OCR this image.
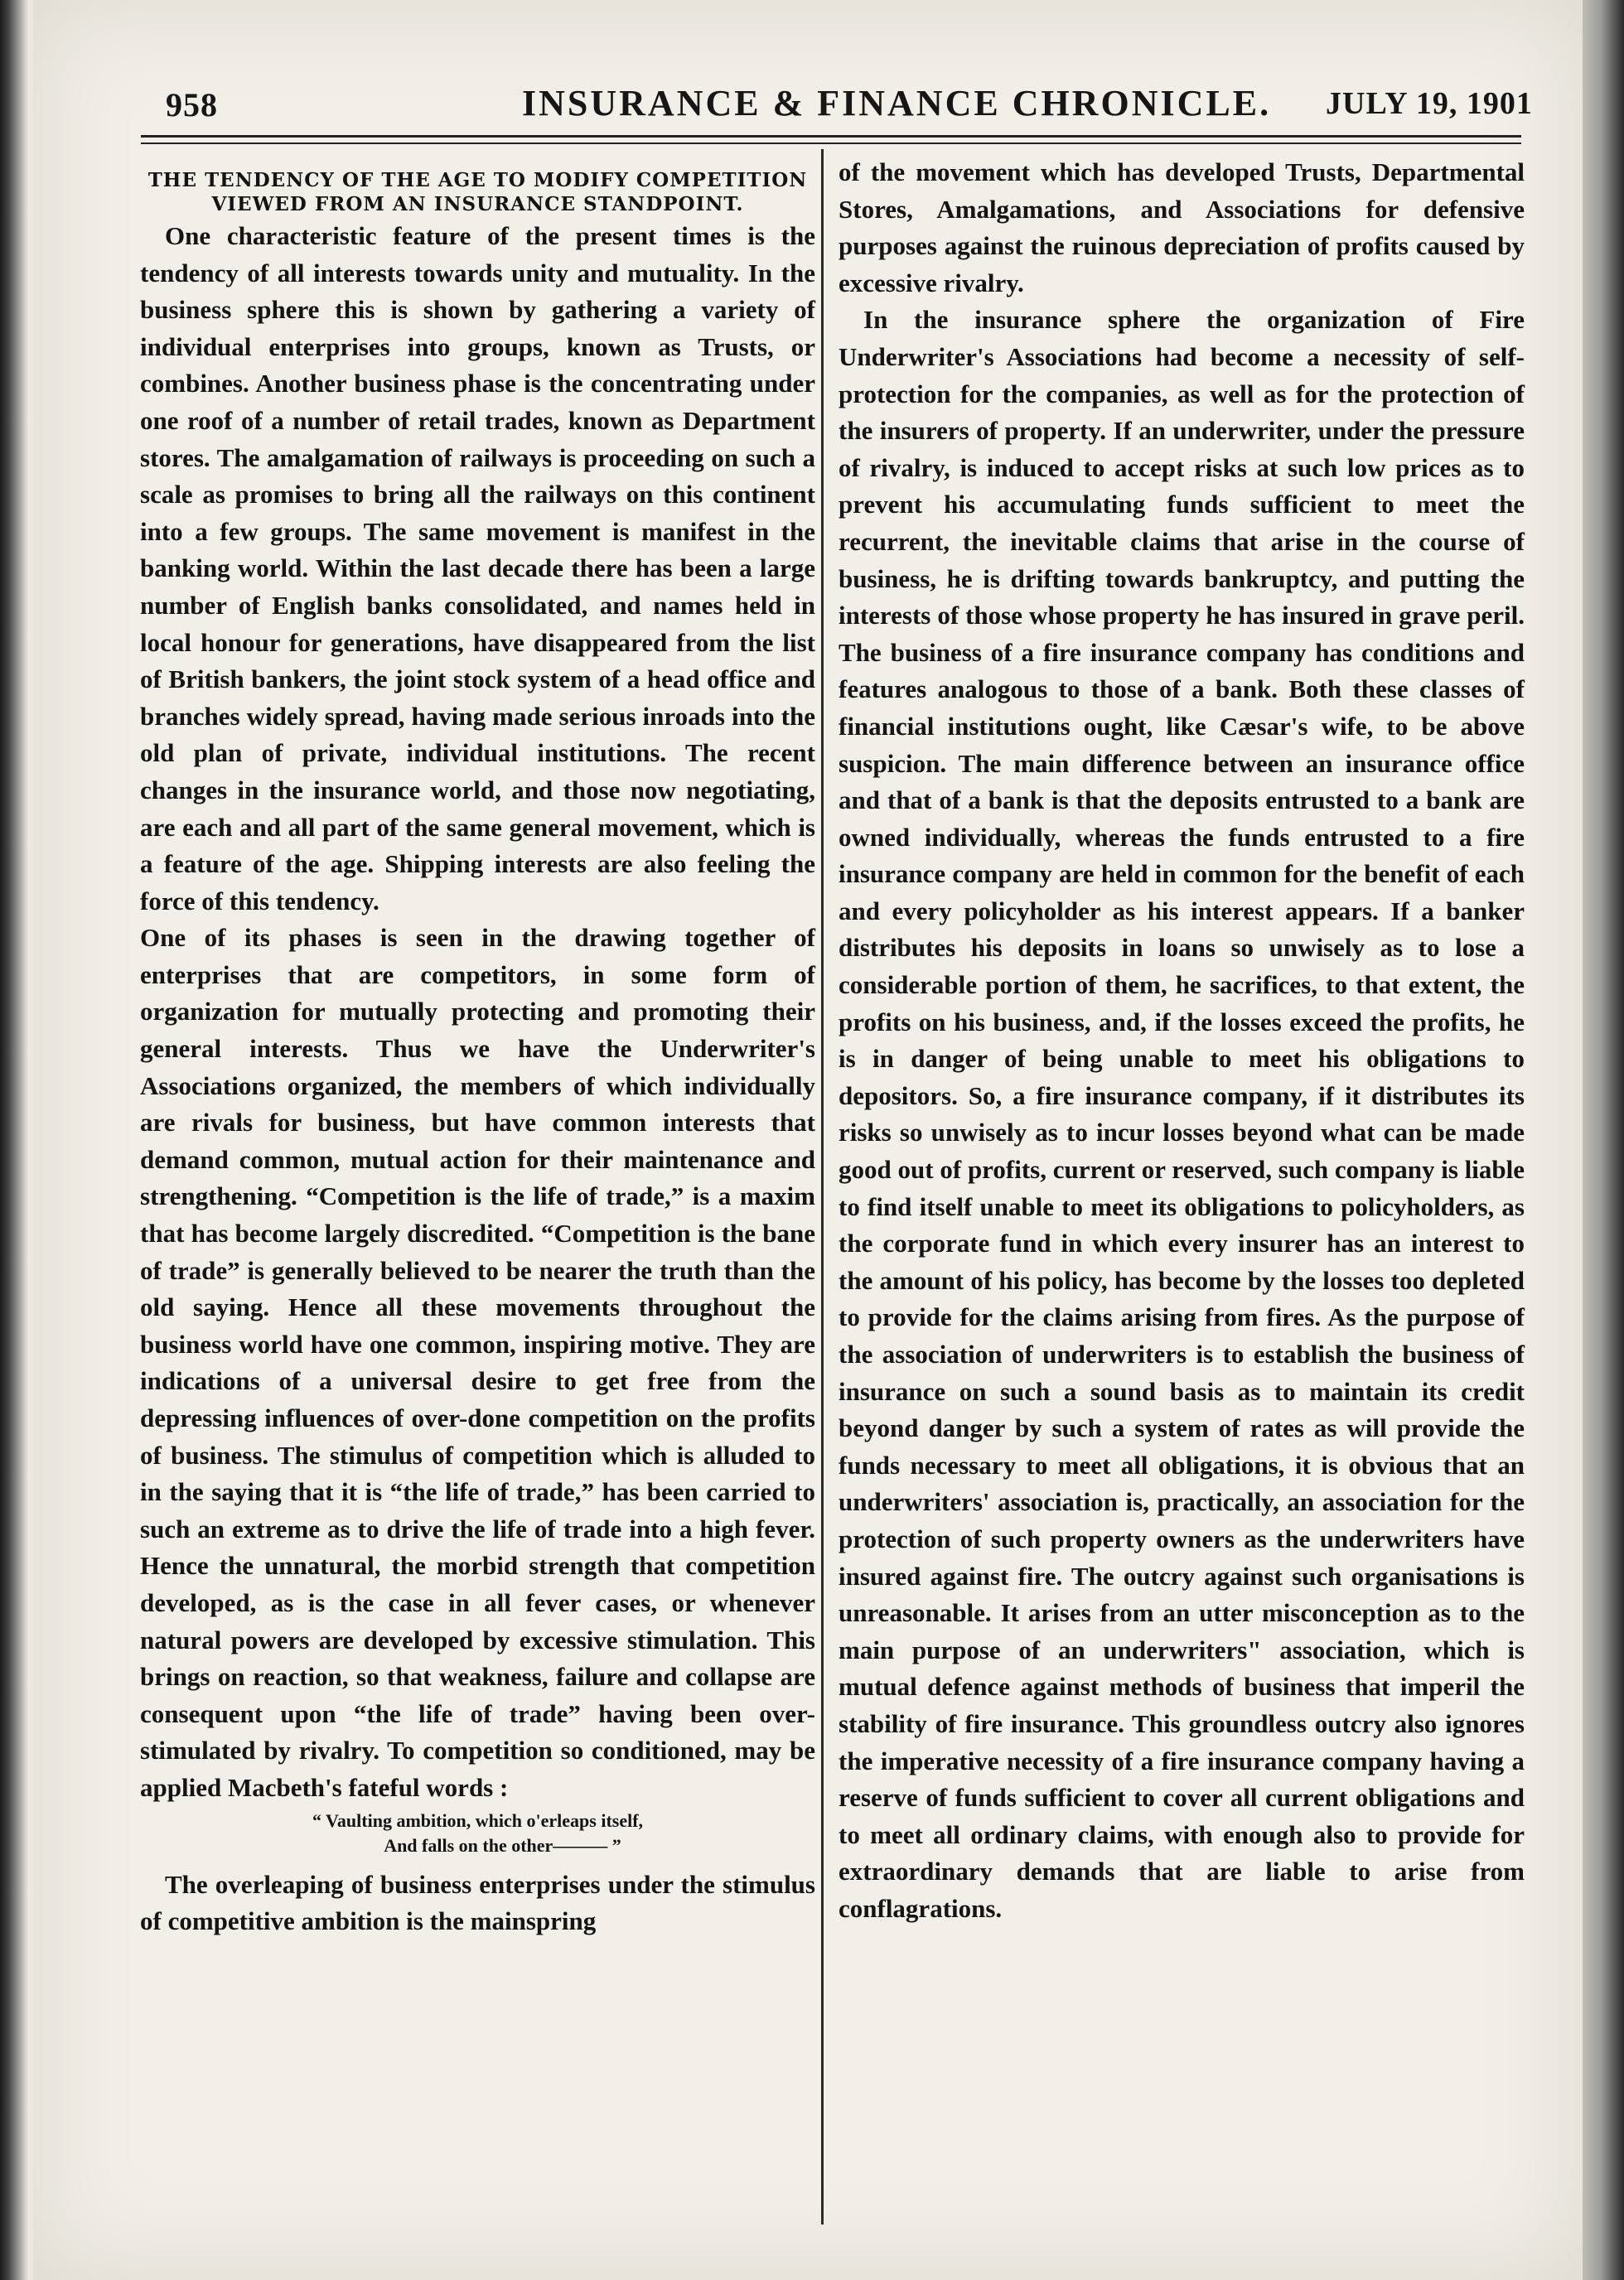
958	INSURANCE & FINANCE CHRONICLE. JULY 19, 1901
THE TENDENCY OF THE AGE TO MODIFY COMPETITION VIEWED FROM AN INSURANCE STANDPOINT.

One characteristic feature of the present times is the tendency of all interests towards unity and mutuality. In the business sphere this is shown by gathering a variety of individual enterprises into groups, known as Trusts, or combines. Another business phase is the concentrating under one roof of a number of retail trades, known as Department stores. The amalgamation of railways is proceeding on such a scale as promises to bring all the railways on this continent into a few groups. The same movement is manifest in the banking world. Within the last decade there has been a large number of English banks consolidated, and names held in local honour for generations, have disappeared from the list of British bankers, the joint stock system of a head office and branches widely spread, having made serious inroads into the old plan of private, individual institutions. The recent changes in the insurance world, and those now negotiating, are each and all part of the same general movement, which is a feature of the age. Shipping interests are also feeling the force of this tendency.

One of its phases is seen in the drawing together of enterprises that are competitors, in some form of organization for mutually protecting and promoting their general interests. Thus we have the Underwriter's Associations organized, the members of which individually are rivals for business, but have common interests that demand common, mutual action for their maintenance and strengthening. “Competition is the life of trade,” is a maxim that has become largely discredited. “Competition is the bane of trade” is generally believed to be nearer the truth than the old saying. Hence all these movements throughout the business world have one common, inspiring motive. They are indications of a universal desire to get free from the depressing influences of over-done competition on the profits of business. The stimulus of competition which is alluded to in the saying that it is “the life of trade,” has been carried to such an extreme as to drive the life of trade into a high fever. Hence the unnatural, the morbid strength that competition developed, as is the case in all fever cases, or whenever natural powers are developed by excessive stimulation. This brings on reaction, so that weakness, failure and collapse are consequent upon “the life of trade” having been over-stimulated by rivalry. To competition so conditioned, may be applied Macbeth's fateful words :

“ Vaulting ambition, which o'erleaps itself,
And falls on the other——— ”

The overleaping of business enterprises under the stimulus of competitive ambition is the mainspring

of the movement which has developed Trusts, Departmental Stores, Amalgamations, and Associations for defensive purposes against the ruinous depreciation of profits caused by excessive rivalry.

In the insurance sphere the organization of Fire Underwriter's Associations had become a necessity of self-protection for the companies, as well as for the protection of the insurers of property. If an underwriter, under the pressure of rivalry, is induced to accept risks at such low prices as to prevent his accumulating funds sufficient to meet the recurrent, the inevitable claims that arise in the course of business, he is drifting towards bankruptcy, and putting the interests of those whose property he has insured in grave peril. The business of a fire insurance company has conditions and features analogous to those of a bank. Both these classes of financial institutions ought, like Cæsar's wife, to be above suspicion. The main difference between an insurance office and that of a bank is that the deposits entrusted to a bank are owned individually, whereas the funds entrusted to a fire insurance company are held in common for the benefit of each and every policyholder as his interest appears. If a banker distributes his deposits in loans so unwisely as to lose a considerable portion of them, he sacrifices, to that extent, the profits on his business, and, if the losses exceed the profits, he is in danger of being unable to meet his obligations to depositors. So, a fire insurance company, if it distributes its risks so unwisely as to incur losses beyond what can be made good out of profits, current or reserved, such company is liable to find itself unable to meet its obligations to policyholders, as the corporate fund in which every insurer has an interest to the amount of his policy, has become by the losses too depleted to provide for the claims arising from fires. As the purpose of the association of underwriters is to establish the business of insurance on such a sound basis as to maintain its credit beyond danger by such a system of rates as will provide the funds necessary to meet all obligations, it is obvious that an underwriters' association is, practically, an association for the protection of such property owners as the underwriters have insured against fire. The outcry against such organisations is unreasonable. It arises from an utter misconception as to the main purpose of an underwriters" association, which is mutual defence against methods of business that imperil the stability of fire insurance. This groundless outcry also ignores the imperative necessity of a fire insurance company having a reserve of funds sufficient to cover all current obligations and to meet all ordinary claims, with enough also to provide for extraordinary demands that are liable to arise from conflagrations.
